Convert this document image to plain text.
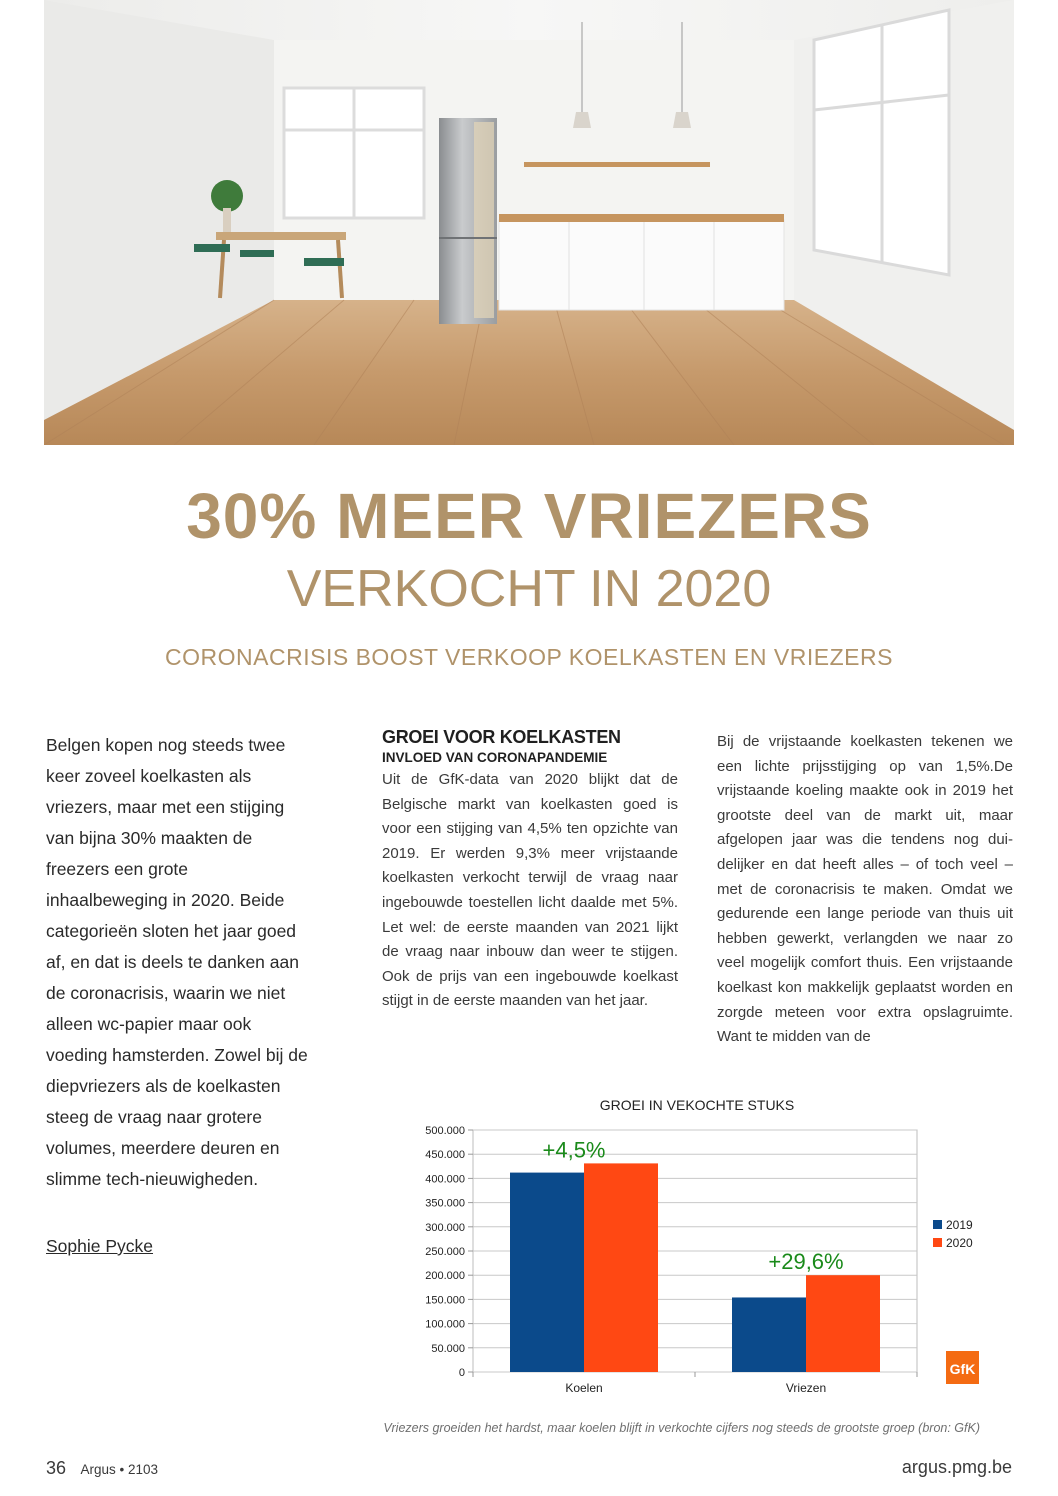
30% MEER VRIEZERS
VERKOCHT IN 2020
CORONACRISIS BOOST VERKOOP KOELKASTEN EN VRIEZERS

Belgen kopen nog steeds twee keer zoveel koelkasten als vriezers, maar met een stijging van bijna 30% maakten de freezers een grote inhaalbeweging in 2020. Beide categorieën sloten het jaar goed af, en dat is deels te danken aan de coronacrisis, waarin we niet alleen wc-papier maar ook voeding hamsterden. Zowel bij de diepvriezers als de koelkasten steeg de vraag naar grotere volumes, meerdere deuren en slimme tech-nieuwigheden.

Sophie Pycke

GROEI VOOR KOELKASTEN

INVLOED VAN CORONAPANDEMIE

Uit de GfK-data van 2020 blijkt dat de Belgische markt van koelkasten goed is voor een stijging van 4,5% ten opzichte van 2019. Er werden 9,3% meer vrijstaande koelkasten verkocht terwijl de vraag naar ingebouwde toestellen licht daalde met 5%. Let wel: de eerste maanden van 2021 lijkt de vraag naar inbouw dan weer te stijgen. Ook de prijs van een ingebouwde koelkast stijgt in de eerste maanden van het jaar.

Bij de vrijstaande koelkasten tekenen we een lichte prijsstijging op van 1,5%.De vrijstaande koeling maakte ook in 2019 het grootste deel van de markt uit, maar afgelopen jaar was die tendens nog duidelijker en dat heeft alles – of toch veel – met de coronacrisis te maken. Omdat we gedurende een lange periode van thuis uit hebben gewerkt, verlangden we naar zo veel mogelijk comfort thuis. Een vrijstaande koelkast kon makkelijk geplaatst worden en zorgde meteen voor extra opslagruimte. Want te midden van de

GROEI IN VEKOCHTE STUKS
0
50.000
100.000
150.000
200.000
250.000
300.000
350.000
400.000
450.000
500.000
+4,5%
+29,6%
Koelen	Vriezen
2019
2020
GfK
Vriezers groeiden het hardst, maar koelen blijft in verkochte cijfers nog steeds de grootste groep (bron: GfK)
36 Argus • 2103	argus.pmg.be
